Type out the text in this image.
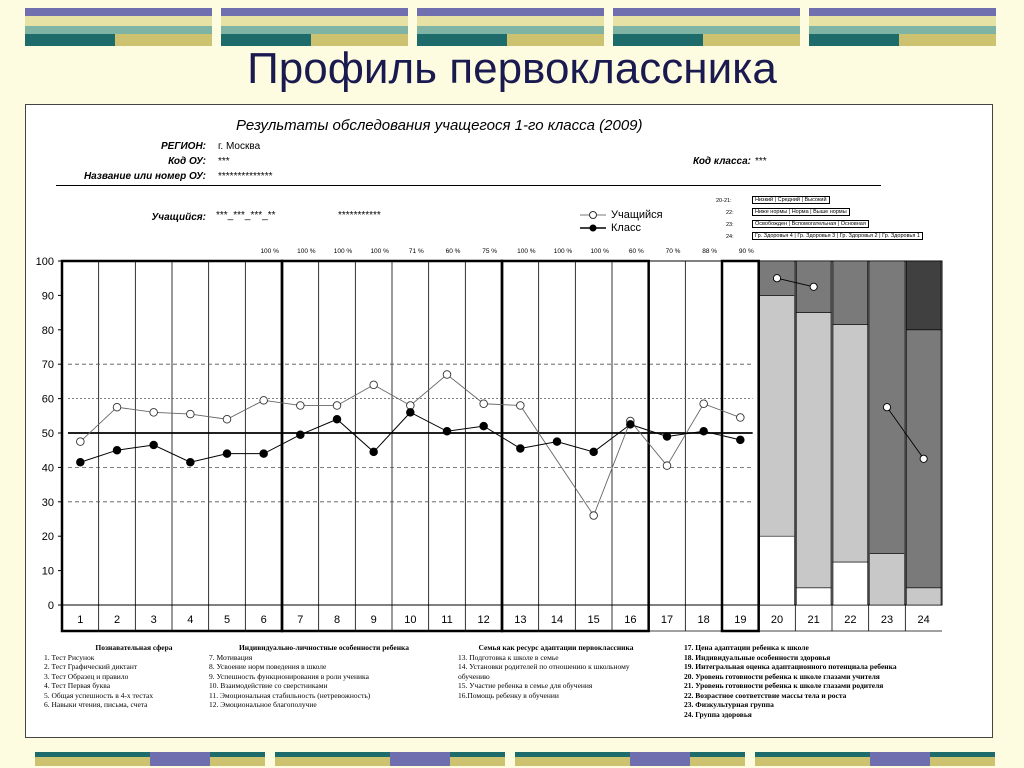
Профиль первоклассника
Результаты обследования учащегося 1-го класса (2009)
РЕГИОН: г. Москва
Код ОУ: ***
Название или номер ОУ: **************
Код класса: ***
Учащийся: ***_***_***_**	***********	Учащийся
Класс
20-21:	Низкий | Средний | Высокий
22:	Ниже нормы | Норма | Выше нормы
23:	Освобожден | Вспомогательная | Основная
24:	Гр. Здоровья 4 | Гр. Здоровья 3 | Гр. Здоровья 2 | Гр. Здоровья 1
Познавательная сфера
1. Тест Рисунок
2. Тест Графический диктант
3. Тест Образец и правило
4. Тест Первая буква
5. Общая успешность в 4-х тестах
6. Навыки чтения, письма, счета
Индивидуально-личностные особенности ребенка
7. Мотивация
8. Усвоение норм поведения в школе
9. Успешность функционирования в роли ученика
10. Взаимодействие со сверстниками
11. Эмоциональная стабильность (нетревожность)
12. Эмоциональное благополучие
Семья как ресурс адаптации первоклассника
13. Подготовка к школе в семье
14. Установки родителей по отношению к школьному обучению
15. Участие ребенка в семье для обучения
16.Помощь ребенку в обучении
17. Цена адаптации ребенка к школе
18. Индивидуальные особенности здоровья
19. Интегральная оценка адаптационного потенциала ребенка
20. Уровень готовности ребенка к школе глазами учителя
21. Уровень готовности ребенка к школе глазами родителя
22. Возрастное соответствие массы тела и роста
23. Физкультурная группа
24. Группа здоровья
0
10
20
30
40
50
60
70
80
90
100
1	2	3	4	5	6	7	8	9 10 11 12 13 14 15 16 17 18 19 20 21 22 23 24
100 %	100 %	100 %	100 %	71 %	60 %	75 %	100 %	100 %	100 %	60 %	70 %	88 %	90 %
